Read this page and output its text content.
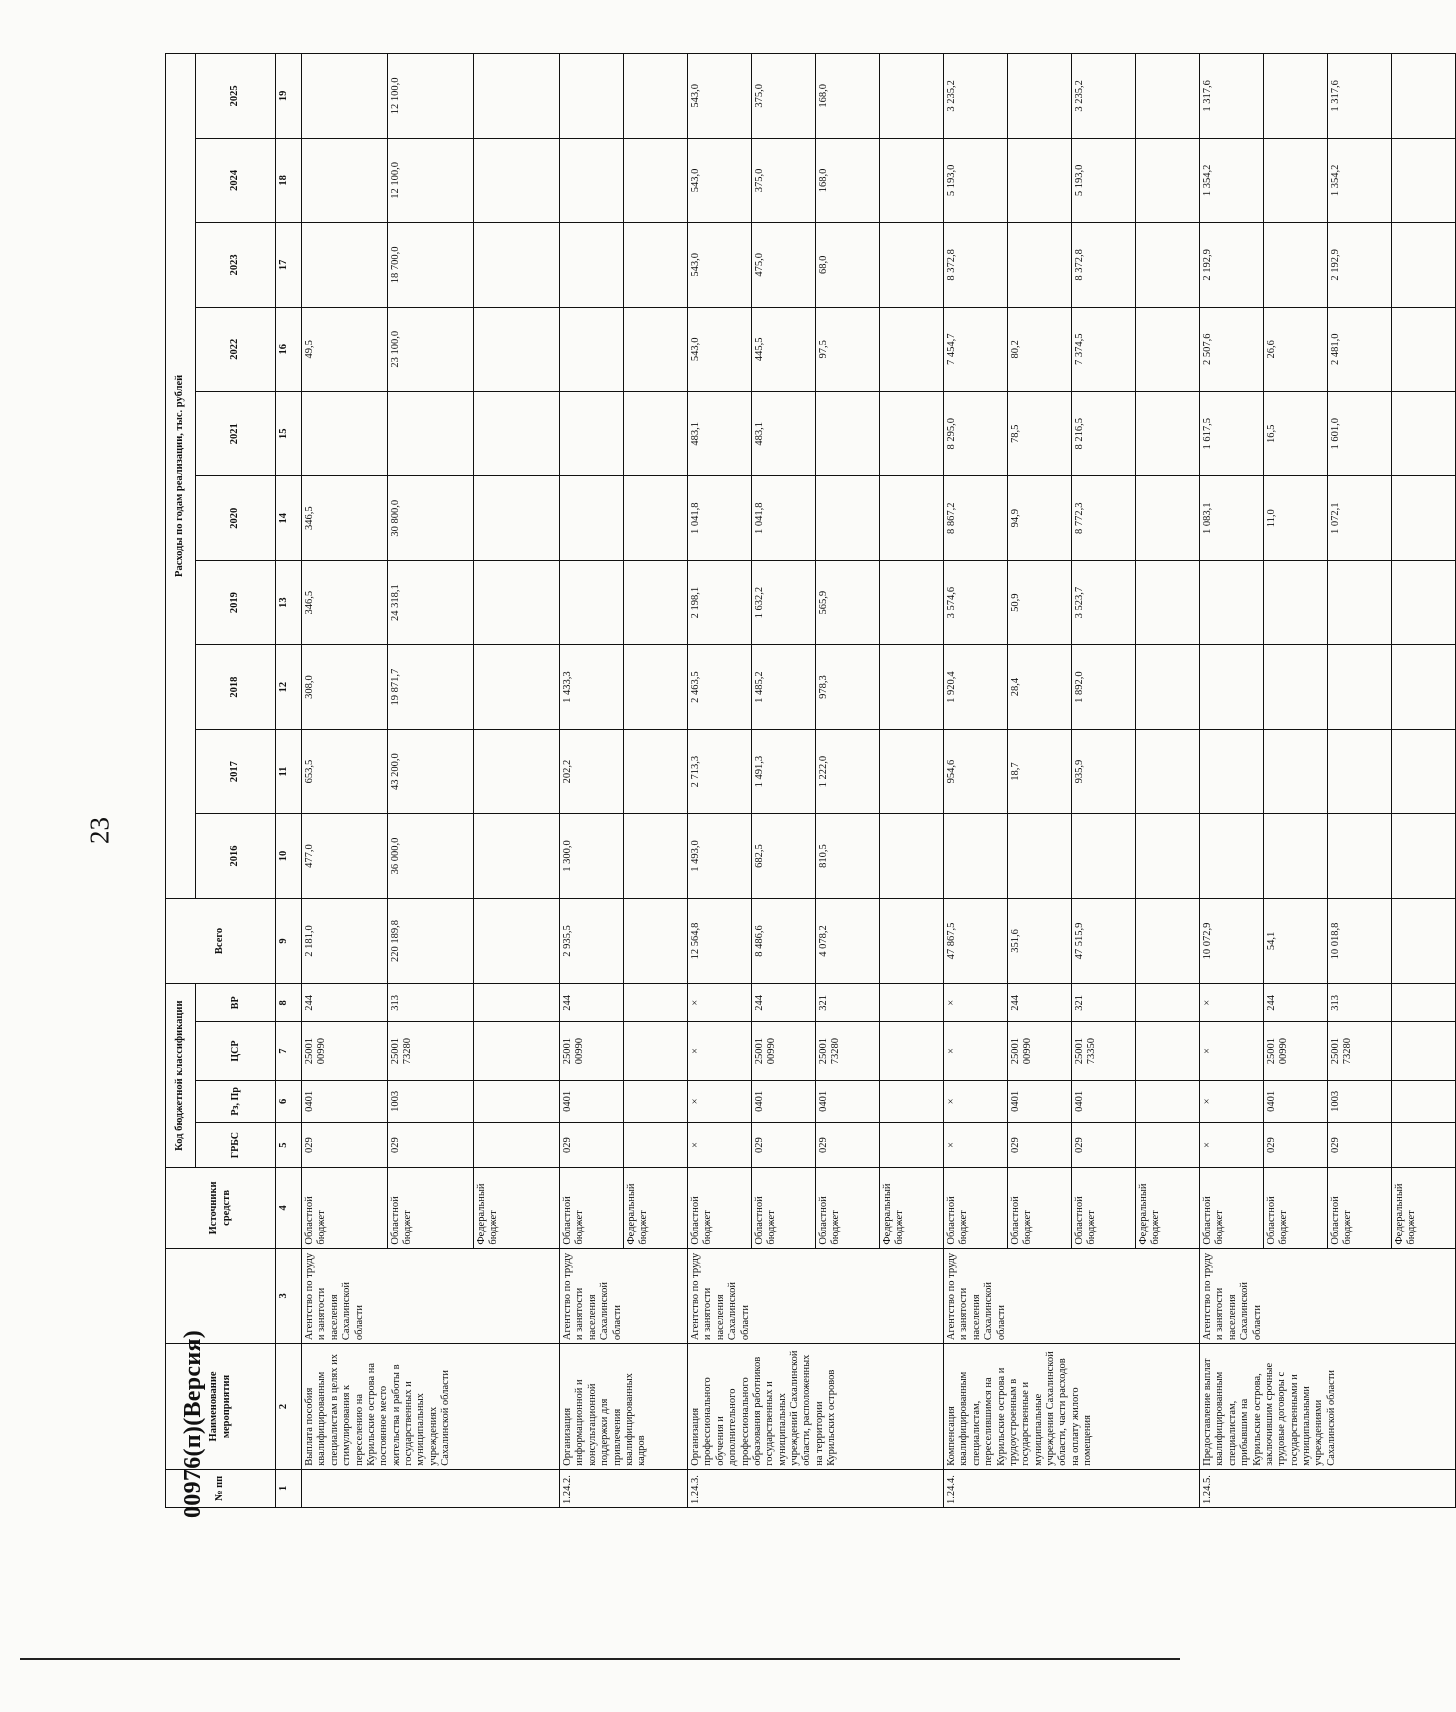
23
№ пп	Наименование мероприятия		Источники средств	Код бюджетной классификации				Всего	Расходы по годам реализации, тыс. рублей									
				ГРБС	Рз, Пр	ЦСР	ВР		2016	2017	2018	2019	2020	2021	2022	2023	2024	2025
1	2	3	4	5	6	7	8	9	10	11	12	13	14	15	16	17	18	19
	Выплата пособия квалифицированным специалистам в целях их стимулирования к переселению на Курильские острова на постоянное место жительства и работы в государственных и муниципальных учреждениях Сахалинской области	Агентство по труду и занятости населения Сахалинской области	Областной бюджет	029	0401	25001 00990	244	2 181,0	477,0	653,5	308,0	346,5	346,5		49,5			
			Областной бюджет	029	1003	25001 73280	313	220 189,8	36 000,0	43 200,0	19 871,7	24 318,1	30 800,0		23 100,0	18 700,0	12 100,0	12 100,0
			Федеральный бюджет															
1.24.2.	Организация информационной и консультационной поддержки для привлечения квалифицированных кадров	Агентство по труду и занятости населения Сахалинской области	Областной бюджет	029	0401	25001 00990	244	2 935,5	1 300,0	202,2	1 433,3							
			Федеральный бюджет															
1.24.3.	Организация профессионального обучения и дополнительного профессионального образования работников государственных и муниципальных учреждений Сахалинской области, расположенных на территории Курильских островов	Агентство по труду и занятости населения Сахалинской области	Областной бюджет	×	×	×	×	12 564,8	1 493,0	2 713,3	2 463,5	2 198,1	1 041,8	483,1	543,0	543,0	543,0	543,0
			Областной бюджет	029	0401	25001 00990	244	8 486,6	682,5	1 491,3	1 485,2	1 632,2	1 041,8	483,1	445,5	475,0	375,0	375,0
			Областной бюджет	029	0401	25001 73280	321	4 078,2	810,5	1 222,0	978,3	565,9			97,5	68,0	168,0	168,0
			Федеральный бюджет															
1.24.4.	Компенсация квалифицированным специалистам, переселившимся на Курильские острова и трудоустроенным в государственные и муниципальные учреждения Сахалинской области, части расходов на оплату жилого помещения	Агентство по труду и занятости населения Сахалинской области	Областной бюджет	×	×	×	×	47 867,5		954,6	1 920,4	3 574,6	8 867,2	8 295,0	7 454,7	8 372,8	5 193,0	3 235,2
			Областной бюджет	029	0401	25001 00990	244	351,6		18,7	28,4	50,9	94,9	78,5	80,2			
			Областной бюджет	029	0401	25001 73350	321	47 515,9		935,9	1 892,0	3 523,7	8 772,3	8 216,5	7 374,5	8 372,8	5 193,0	3 235,2
			Федеральный бюджет															
1.24.5.	Предоставление выплат квалифицированным специалистам, прибывшим на Курильские острова, заключившим срочные трудовые договоры с государственными и муниципальными учреждениями Сахалинской области	Агентство по труду и занятости населения Сахалинской области	Областной бюджет	×	×	×	×	10 072,9					1 083,1	1 617,5	2 507,6	2 192,9	1 354,2	1 317,6
			Областной бюджет	029	0401	25001 00990	244	54,1					11,0	16,5	26,6			
			Областной бюджет	029	1003	25001 73280	313	10 018,8					1 072,1	1 601,0	2 481,0	2 192,9	1 354,2	1 317,6
			Федеральный бюджет															
00976(п)(Версия)
